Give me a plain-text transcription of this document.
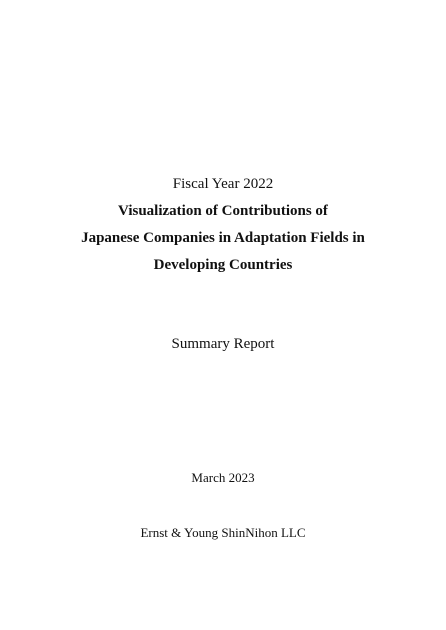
Fiscal Year 2022
Visualization of Contributions of
Japanese Companies in Adaptation Fields in
Developing Countries
Summary Report
March 2023
Ernst & Young ShinNihon LLC
